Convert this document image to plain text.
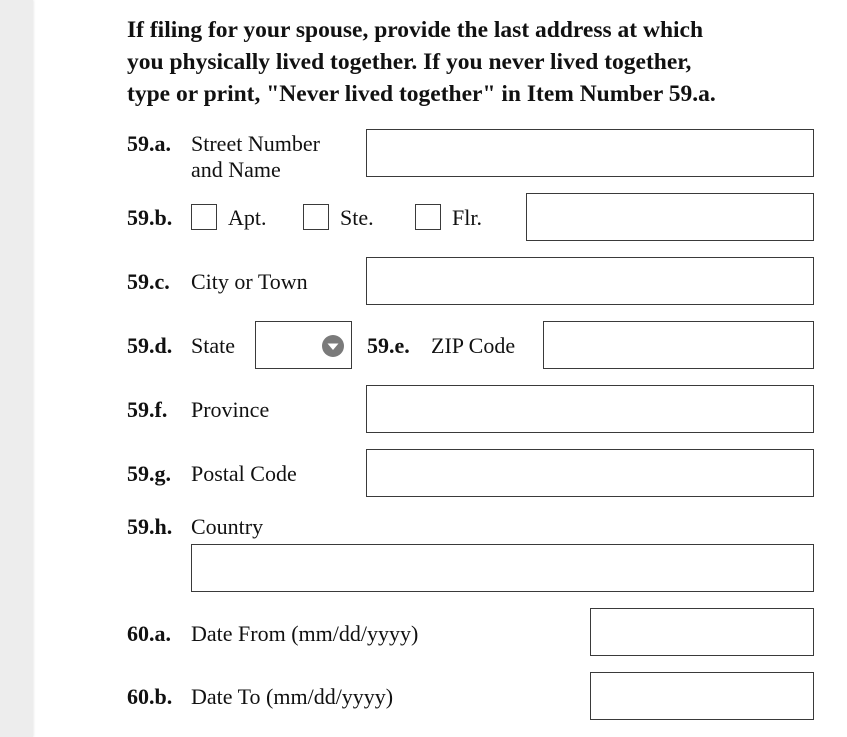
If filing for your spouse, provide the last address at which
you physically lived together. If you never lived together,
type or print, "Never lived together" in Item Number 59.a.

59.a. Street Number
and Name
59.b.	Apt.	Ste.	Flr.
59.c. City or Town
59.d. State	59.e. ZIP Code
59.f. Province
59.g. Postal Code
59.h. Country
60.a. Date From (mm/dd/yyyy)
60.b. Date To (mm/dd/yyyy)
